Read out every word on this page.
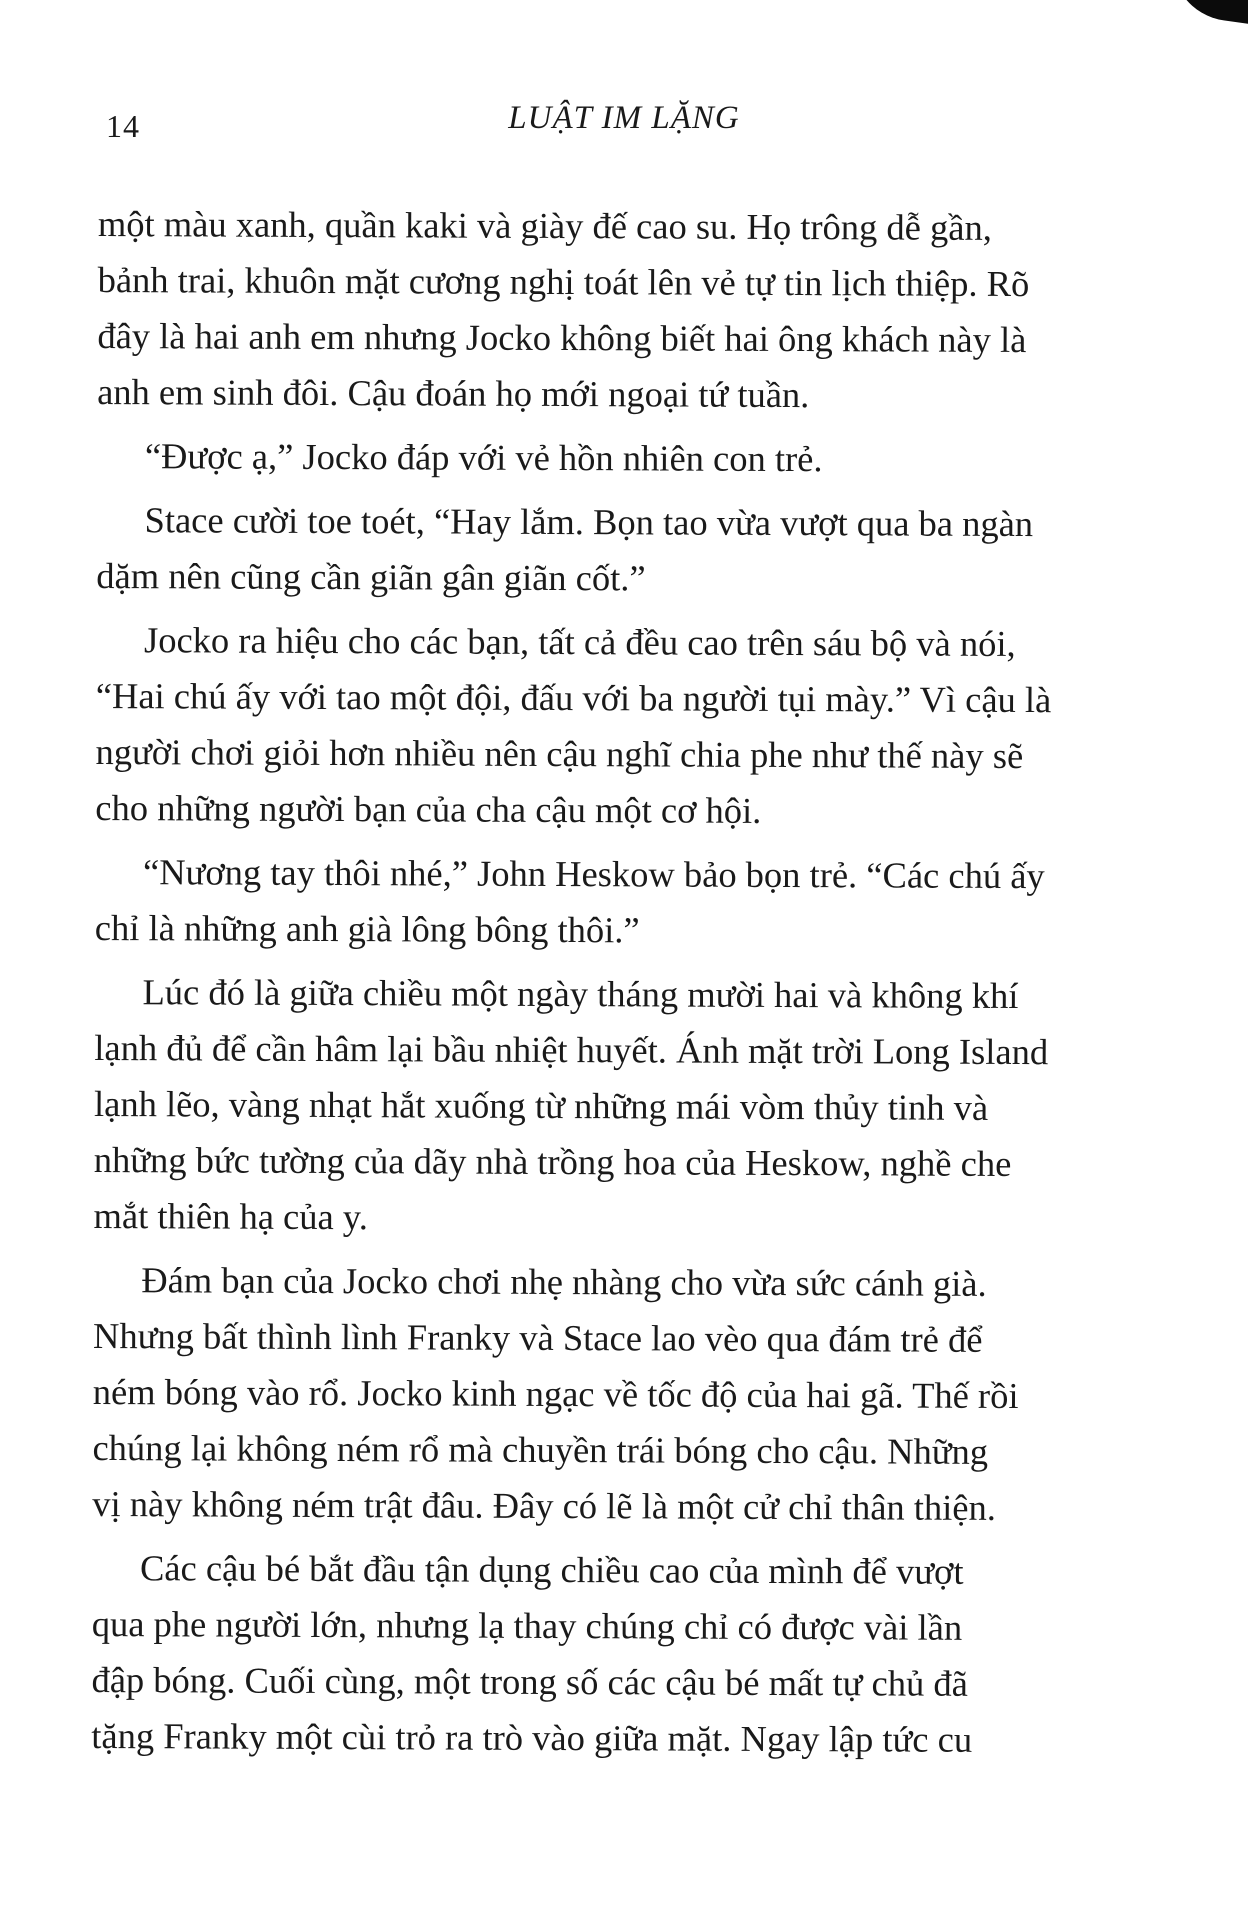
14	LUẬT IM LẶNG
một màu xanh, quần kaki và giày đế cao su. Họ trông dễ gần,
bảnh trai, khuôn mặt cương nghị toát lên vẻ tự tin lịch thiệp. Rõ
đây là hai anh em nhưng Jocko không biết hai ông khách này là
anh em sinh đôi. Cậu đoán họ mới ngoại tứ tuần.
“Được ạ,” Jocko đáp với vẻ hồn nhiên con trẻ.
Stace cười toe toét, “Hay lắm. Bọn tao vừa vượt qua ba ngàn
dặm nên cũng cần giãn gân giãn cốt.”
Jocko ra hiệu cho các bạn, tất cả đều cao trên sáu bộ và nói,
“Hai chú ấy với tao một đội, đấu với ba người tụi mày.” Vì cậu là
người chơi giỏi hơn nhiều nên cậu nghĩ chia phe như thế này sẽ
cho những người bạn của cha cậu một cơ hội.
“Nương tay thôi nhé,” John Heskow bảo bọn trẻ. “Các chú ấy
chỉ là những anh già lông bông thôi.”
Lúc đó là giữa chiều một ngày tháng mười hai và không khí
lạnh đủ để cần hâm lại bầu nhiệt huyết. Ánh mặt trời Long Island
lạnh lẽo, vàng nhạt hắt xuống từ những mái vòm thủy tinh và
những bức tường của dãy nhà trồng hoa của Heskow, nghề che
mắt thiên hạ của y.
Đám bạn của Jocko chơi nhẹ nhàng cho vừa sức cánh già.
Nhưng bất thình lình Franky và Stace lao vèo qua đám trẻ để
ném bóng vào rổ. Jocko kinh ngạc về tốc độ của hai gã. Thế rồi
chúng lại không ném rổ mà chuyền trái bóng cho cậu. Những
vị này không ném trật đâu. Đây có lẽ là một cử chỉ thân thiện.
Các cậu bé bắt đầu tận dụng chiều cao của mình để vượt
qua phe người lớn, nhưng lạ thay chúng chỉ có được vài lần
đập bóng. Cuối cùng, một trong số các cậu bé mất tự chủ đã
tặng Franky một cùi trỏ ra trò vào giữa mặt. Ngay lập tức cu
